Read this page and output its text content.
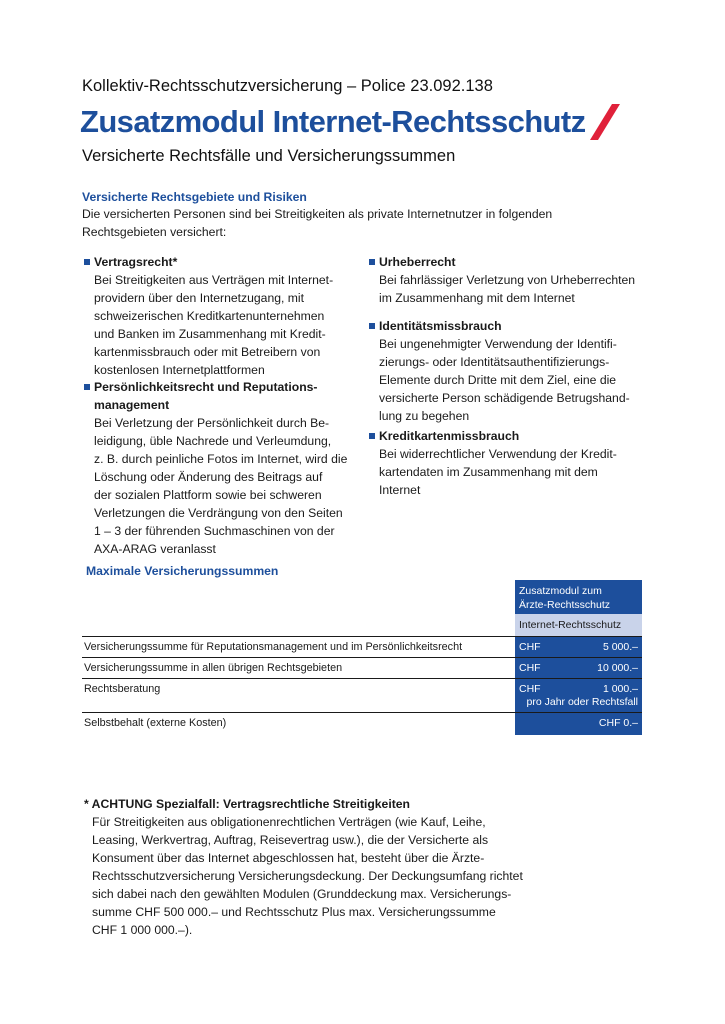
Kollektiv-Rechtsschutzversicherung – Police 23.092.138
Zusatzmodul Internet-Rechtsschutz
Versicherte Rechtsfälle und Versicherungssummen
Versicherte Rechtsgebiete und Risiken
Die versicherten Personen sind bei Streitigkeiten als private Internetnutzer in folgenden
Rechtsgebieten versichert:
Vertragsrecht*
Bei Streitigkeiten aus Verträgen mit Internet-
providern über den Internetzugang, mit
schweizerischen Kreditkartenunternehmen
und Banken im Zusammenhang mit Kredit-
kartenmissbrauch oder mit Betreibern von
kostenlosen Internetplattformen
Persönlichkeitsrecht und Reputations-
management
Bei Verletzung der Persönlichkeit durch Be-
leidigung, üble Nachrede und Verleumdung,
z. B. durch peinliche Fotos im Internet, wird die
Löschung oder Änderung des Beitrags auf
der sozialen Plattform sowie bei schweren
Verletzungen die Verdrängung von den Seiten
1 – 3 der führenden Suchmaschinen von der
AXA-ARAG veranlasst
Urheberrecht
Bei fahrlässiger Verletzung von Urheberrechten
im Zusammenhang mit dem Internet
Identitätsmissbrauch
Bei ungenehmigter Verwendung der Identifi-
zierungs- oder Identitätsauthentifizierungs-
Elemente durch Dritte mit dem Ziel, eine die
versicherte Person schädigende Betrugshand-
lung zu begehen
Kreditkartenmissbrauch
Bei widerrechtlicher Verwendung der Kredit-
kartendaten im Zusammenhang mit dem
Internet
Maximale Versicherungssummen
Zusatzmodul zum
Ärzte-Rechtsschutz
Internet-Rechtsschutz
Versicherungssumme für Reputationsmanagement und im Persönlichkeitsrecht	CHF	5 000.–
Versicherungssumme in allen übrigen Rechtsgebieten	CHF	10 000.–
Rechtsberatung	CHF	1 000.–
pro Jahr oder Rechtsfall
Selbstbehalt (externe Kosten)	CHF 0.–
* ACHTUNG Spezialfall: Vertragsrechtliche Streitigkeiten
Für Streitigkeiten aus obligationenrechtlichen Verträgen (wie Kauf, Leihe,
Leasing, Werkvertrag, Auftrag, Reisevertrag usw.), die der Versicherte als
Konsument über das Internet abgeschlossen hat, besteht über die Ärzte-
Rechtsschutzversicherung Versicherungsdeckung. Der Deckungsumfang richtet
sich dabei nach den gewählten Modulen (Grunddeckung max. Versicherungs-
summe CHF 500 000.– und Rechtsschutz Plus max. Versicherungssumme
CHF 1 000 000.–).
